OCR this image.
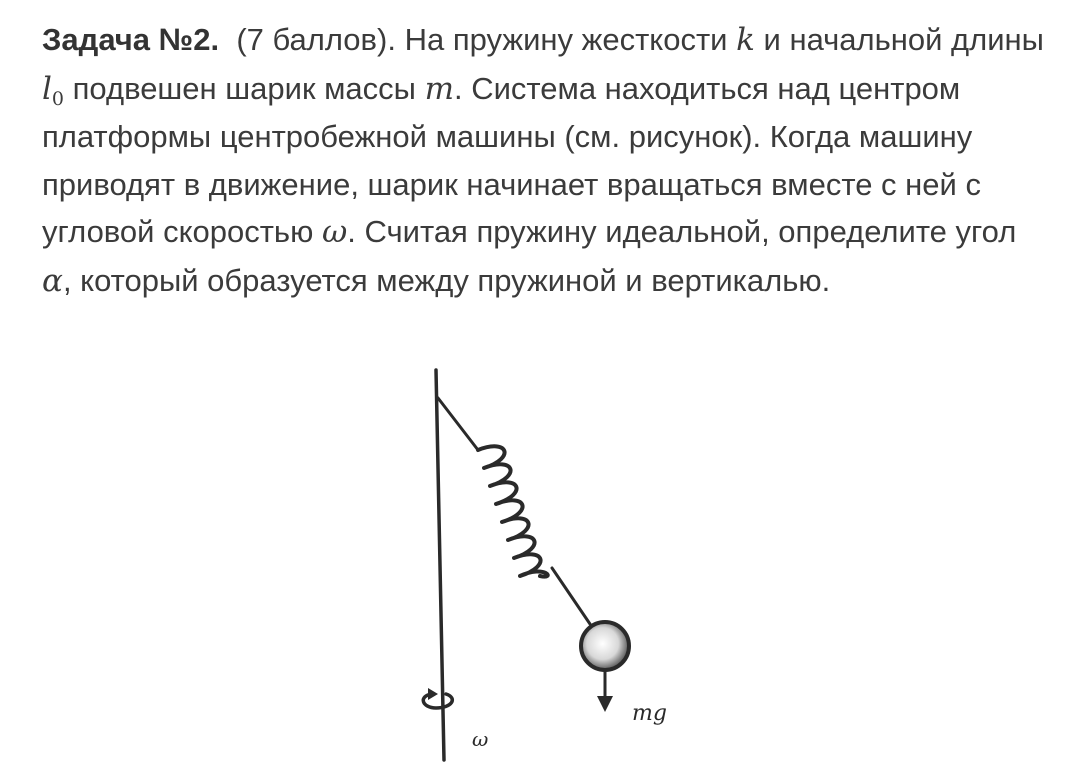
Задача №2. (7 баллов). На пружину жесткости k и начальной длины $l_0$ подвешен шарик массы m. Система находиться над центром платформы центробежной машины (см. рисунок). Когда машину приводят в движение, шарик начинает вращаться вместе с ней с угловой скоростью ω. Считая пружину идеальной, определите угол α, который образуется между пружиной и вертикалью.

mg
ω
